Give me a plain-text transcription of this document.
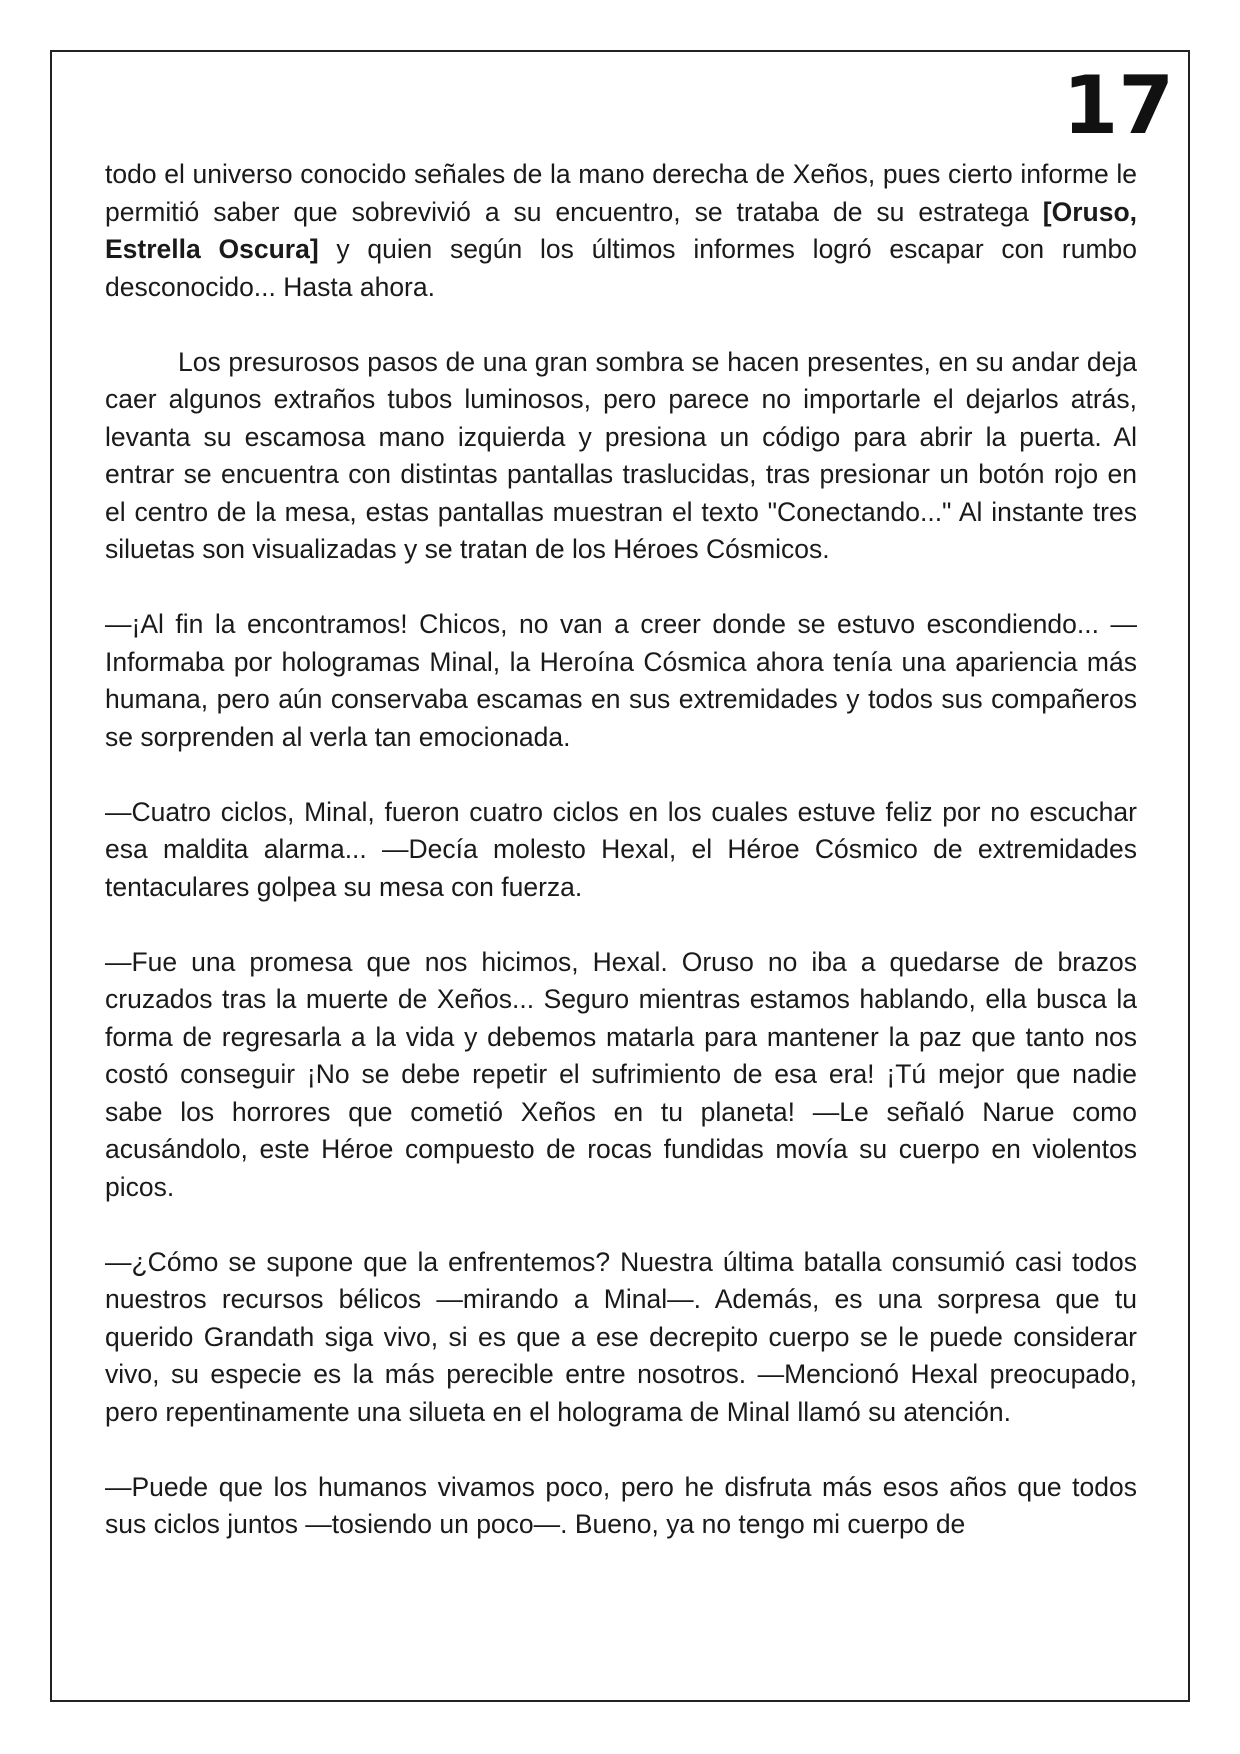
17

todo el universo conocido señales de la mano derecha de Xeños, pues cierto informe le permitió saber que sobrevivió a su encuentro, se trataba de su estratega [Oruso, Estrella Oscura] y quien según los últimos informes logró escapar con rumbo desconocido... Hasta ahora.

Los presurosos pasos de una gran sombra se hacen presentes, en su andar deja caer algunos extraños tubos luminosos, pero parece no importarle el dejarlos atrás, levanta su escamosa mano izquierda y presiona un código para abrir la puerta. Al entrar se encuentra con distintas pantallas traslucidas, tras presionar un botón rojo en el centro de la mesa, estas pantallas muestran el texto "Conectando..." Al instante tres siluetas son visualizadas y se tratan de los Héroes Cósmicos.

—¡Al fin la encontramos! Chicos, no van a creer donde se estuvo escondiendo... —Informaba por hologramas Minal, la Heroína Cósmica ahora tenía una apariencia más humana, pero aún conservaba escamas en sus extremidades y todos sus compañeros se sorprenden al verla tan emocionada.

—Cuatro ciclos, Minal, fueron cuatro ciclos en los cuales estuve feliz por no escuchar esa maldita alarma... —Decía molesto Hexal, el Héroe Cósmico de extremidades tentaculares golpea su mesa con fuerza.

—Fue una promesa que nos hicimos, Hexal. Oruso no iba a quedarse de brazos cruzados tras la muerte de Xeños... Seguro mientras estamos hablando, ella busca la forma de regresarla a la vida y debemos matarla para mantener la paz que tanto nos costó conseguir ¡No se debe repetir el sufrimiento de esa era! ¡Tú mejor que nadie sabe los horrores que cometió Xeños en tu planeta! —Le señaló Narue como acusándolo, este Héroe compuesto de rocas fundidas movía su cuerpo en violentos picos.

—¿Cómo se supone que la enfrentemos? Nuestra última batalla consumió casi todos nuestros recursos bélicos —mirando a Minal—. Además, es una sorpresa que tu querido Grandath siga vivo, si es que a ese decrepito cuerpo se le puede considerar vivo, su especie es la más perecible entre nosotros. —Mencionó Hexal preocupado, pero repentinamente una silueta en el holograma de Minal llamó su atención.

—Puede que los humanos vivamos poco, pero he disfruta más esos años que todos sus ciclos juntos —tosiendo un poco—. Bueno, ya no tengo mi cuerpo de
